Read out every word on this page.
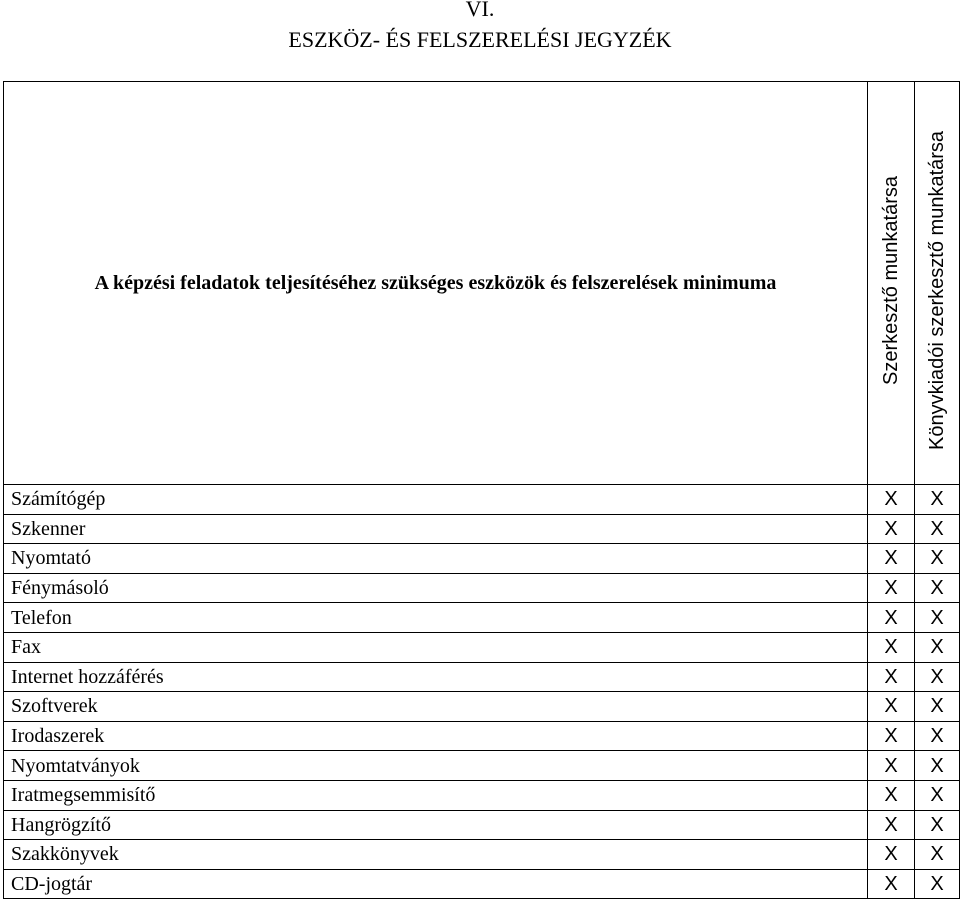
VI.
ESZKÖZ- ÉS FELSZERELÉSI JEGYZÉK
A képzési feladatok teljesítéséhez szükséges eszközök és felszerelések minimuma	Szerkesztő munkatársa	Könyvkiadói szerkesztő munkatársa

Számítógép	X	X
Szkenner	X	X
Nyomtató	X	X
Fénymásoló	X	X
Telefon	X	X
Fax	X	X
Internet hozzáférés	X	X
Szoftverek	X	X
Irodaszerek	X	X
Nyomtatványok	X	X
Iratmegsemmisítő	X	X
Hangrögzítő	X	X
Szakkönyvek	X	X
CD-jogtár	X	X
